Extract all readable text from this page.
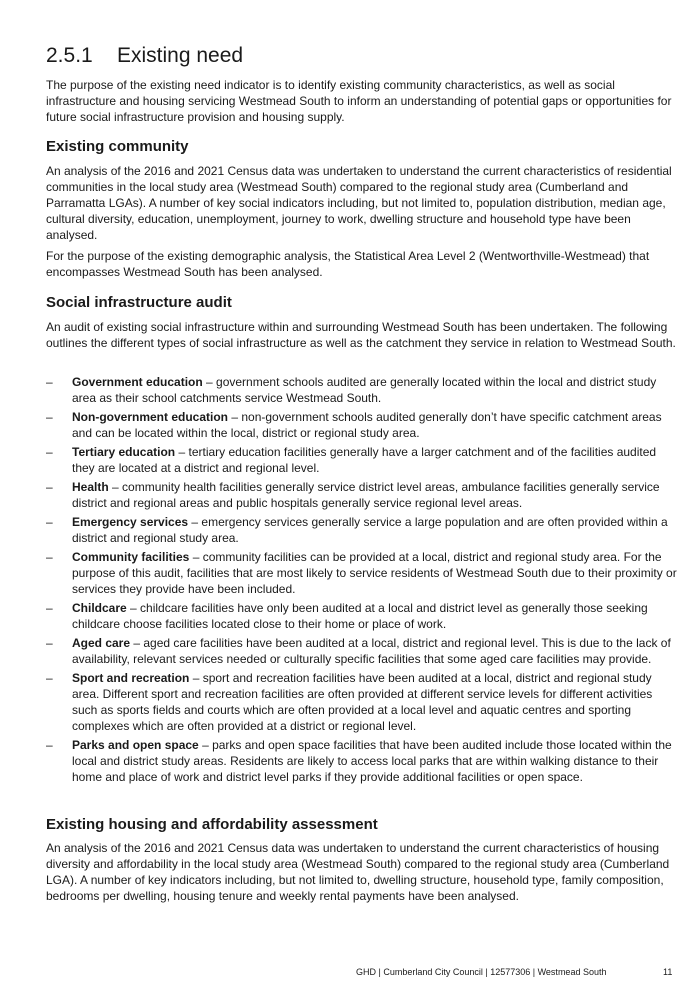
2.5.1 Existing need

The purpose of the existing need indicator is to identify existing community characteristics, as well as social infrastructure and housing servicing Westmead South to inform an understanding of potential gaps or opportunities for future social infrastructure provision and housing supply.

Existing community

An analysis of the 2016 and 2021 Census data was undertaken to understand the current characteristics of residential communities in the local study area (Westmead South) compared to the regional study area (Cumberland and Parramatta LGAs). A number of key social indicators including, but not limited to, population distribution, median age, cultural diversity, education, unemployment, journey to work, dwelling structure and household type have been analysed.

For the purpose of the existing demographic analysis, the Statistical Area Level 2 (Wentworthville-Westmead) that encompasses Westmead South has been analysed.

Social infrastructure audit

An audit of existing social infrastructure within and surrounding Westmead South has been undertaken. The following outlines the different types of social infrastructure as well as the catchment they service in relation to Westmead South.

– Government education – government schools audited are generally located within the local and district study area as their school catchments service Westmead South.
– Non-government education – non-government schools audited generally don’t have specific catchment areas and can be located within the local, district or regional study area.
– Tertiary education – tertiary education facilities generally have a larger catchment and of the facilities audited they are located at a district and regional level.
– Health – community health facilities generally service district level areas, ambulance facilities generally service district and regional areas and public hospitals generally service regional level areas.
– Emergency services – emergency services generally service a large population and are often provided within a district and regional study area.
– Community facilities – community facilities can be provided at a local, district and regional study area. For the purpose of this audit, facilities that are most likely to service residents of Westmead South due to their proximity or services they provide have been included.
– Childcare – childcare facilities have only been audited at a local and district level as generally those seeking childcare choose facilities located close to their home or place of work.
– Aged care – aged care facilities have been audited at a local, district and regional level. This is due to the lack of availability, relevant services needed or culturally specific facilities that some aged care facilities may provide.
– Sport and recreation – sport and recreation facilities have been audited at a local, district and regional study area. Different sport and recreation facilities are often provided at different service levels for different activities such as sports fields and courts which are often provided at a local level and aquatic centres and sporting complexes which are often provided at a district or regional level.
– Parks and open space – parks and open space facilities that have been audited include those located within the local and district study areas. Residents are likely to access local parks that are within walking distance to their home and place of work and district level parks if they provide additional facilities or open space.
Existing housing and affordability assessment

An analysis of the 2016 and 2021 Census data was undertaken to understand the current characteristics of housing diversity and affordability in the local study area (Westmead South) compared to the regional study area (Cumberland LGA). A number of key indicators including, but not limited to, dwelling structure, household type, family composition, bedrooms per dwelling, housing tenure and weekly rental payments have been analysed.

GHD | Cumberland City Council | 12577306 | Westmead South	11
